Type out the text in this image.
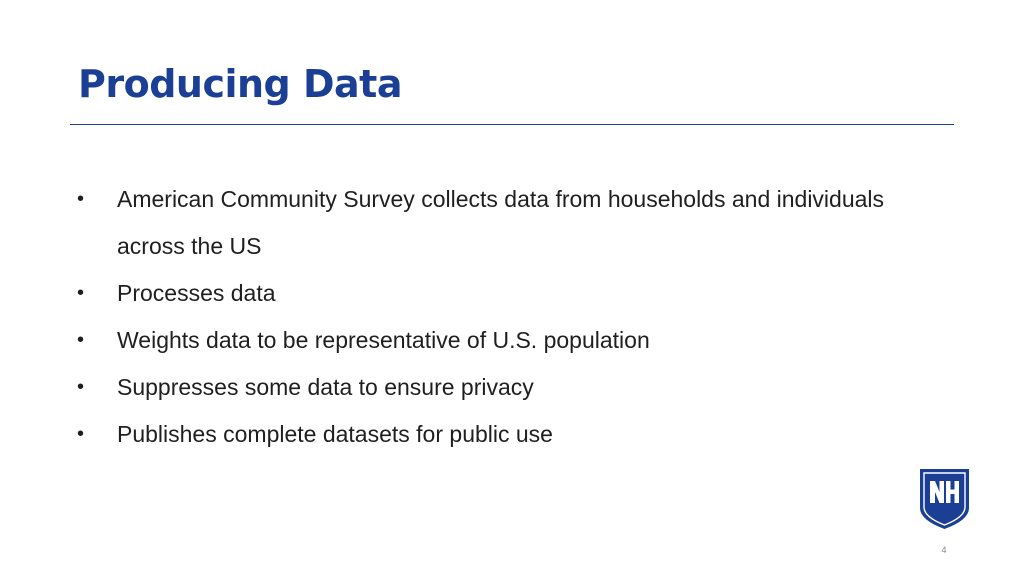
Producing Data
• American Community Survey collects data from households and individuals across the US
• Processes data
• Weights data to be representative of U.S. population
• Suppresses some data to ensure privacy
• Publishes complete datasets for public use
4
